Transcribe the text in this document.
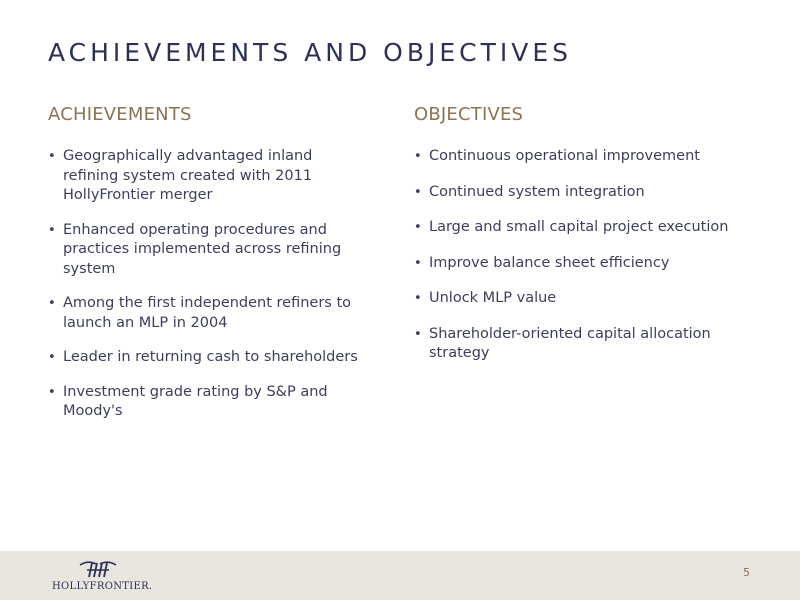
ACHIEVEMENTS AND OBJECTIVES
ACHIEVEMENTS
• Geographically advantaged inland refining system created with 2011 HollyFrontier merger
• Enhanced operating procedures and practices implemented across refining system
• Among the first independent refiners to launch an MLP in 2004
• Leader in returning cash to shareholders
• Investment grade rating by S&P and Moody's
OBJECTIVES
• Continuous operational improvement
• Continued system integration
• Large and small capital project execution
• Improve balance sheet efficiency
• Unlock MLP value
• Shareholder-oriented capital allocation strategy
HOLLYFRONTIER.
5
